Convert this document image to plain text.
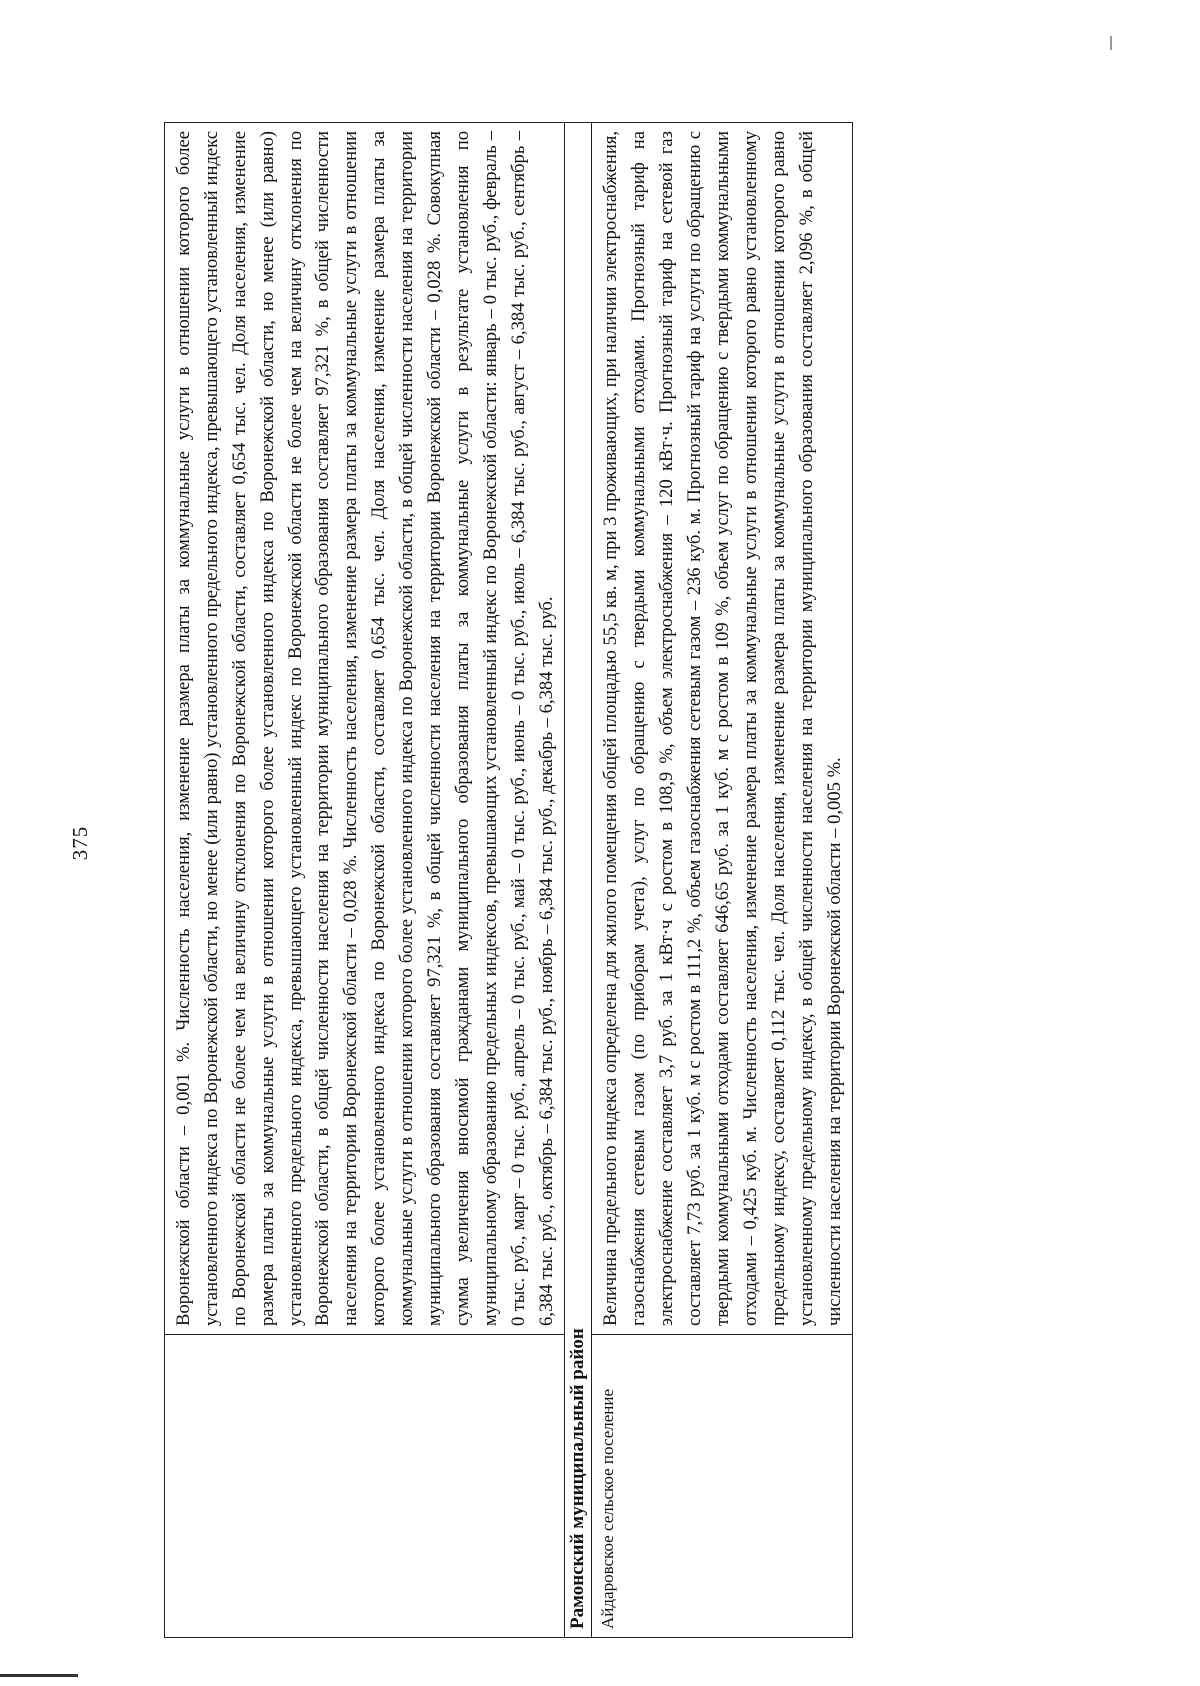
375

	Воронежской области – 0,001 %. Численность населения, изменение размера платы за коммунальные услуги в отношении которого более установленного индекса по Воронежской области, но менее (или равно) установленного предельного индекса, превышающего установленный индекс по Воронежской области не более чем на величину отклонения по Воронежской области, составляет 0,654 тыс. чел. Доля населения, изменение размера платы за коммунальные услуги в отношении которого более установленного индекса по Воронежской области, но менее (или равно) установленного предельного индекса, превышающего установленный индекс по Воронежской области не более чем на величину отклонения по Воронежской области, в общей численности населения на территории муниципального образования составляет 97,321 %, в общей численности населения на территории Воронежской области – 0,028 %. Численность населения, изменение размера платы за коммунальные услуги в отношении которого более установленного индекса по Воронежской области, составляет 0,654 тыс. чел. Доля населения, изменение размера платы за коммунальные услуги в отношении которого более установленного индекса по Воронежской области, в общей численности населения на территории муниципального образования составляет 97,321 %, в общей численности населения на территории Воронежской области – 0,028 %. Совокупная сумма увеличения вносимой гражданами муниципального образования платы за коммунальные услуги в результате установления по муниципальному образованию предельных индексов, превышающих установленный индекс по Воронежской области: январь – 0 тыс. руб., февраль – 0 тыс. руб., март – 0 тыс. руб., апрель – 0 тыс. руб., май – 0 тыс. руб., июнь – 0 тыс. руб., июль – 6,384 тыс. руб., август – 6,384 тыс. руб., сентябрь – 6,384 тыс. руб., октябрь – 6,384 тыс. руб., ноябрь – 6,384 тыс. руб., декабрь – 6,384 тыс. руб.

Рамонский муниципальный район	
Айдаровское сельское поселение	Величина предельного индекса определена для жилого помещения общей площадью 55,5 кв. м, при 3 проживающих, при наличии электроснабжения, газоснабжения сетевым газом (по приборам учета), услуг по обращению с твердыми коммунальными отходами. Прогнозный тариф на электроснабжение составляет 3,7 руб. за 1 кВт·ч с ростом в 108,9 %, объем электроснабжения – 120 кВт·ч. Прогнозный тариф на сетевой газ составляет 7,73 руб. за 1 куб. м с ростом в 111,2 %, объем газоснабжения сетевым газом – 236 куб. м. Прогнозный тариф на услуги по обращению с твердыми коммунальными отходами составляет 646,65 руб. за 1 куб. м с ростом в 109 %, объем услуг по обращению с твердыми коммунальными отходами – 0,425 куб. м. Численность населения, изменение размера платы за коммунальные услуги в отношении которого равно установленному предельному индексу, составляет 0,112 тыс. чел. Доля населения, изменение размера платы за коммунальные услуги в отношении которого равно установленному предельному индексу, в общей численности населения на территории муниципального образования составляет 2,096 %, в общей численности населения на территории Воронежской области – 0,005 %.
